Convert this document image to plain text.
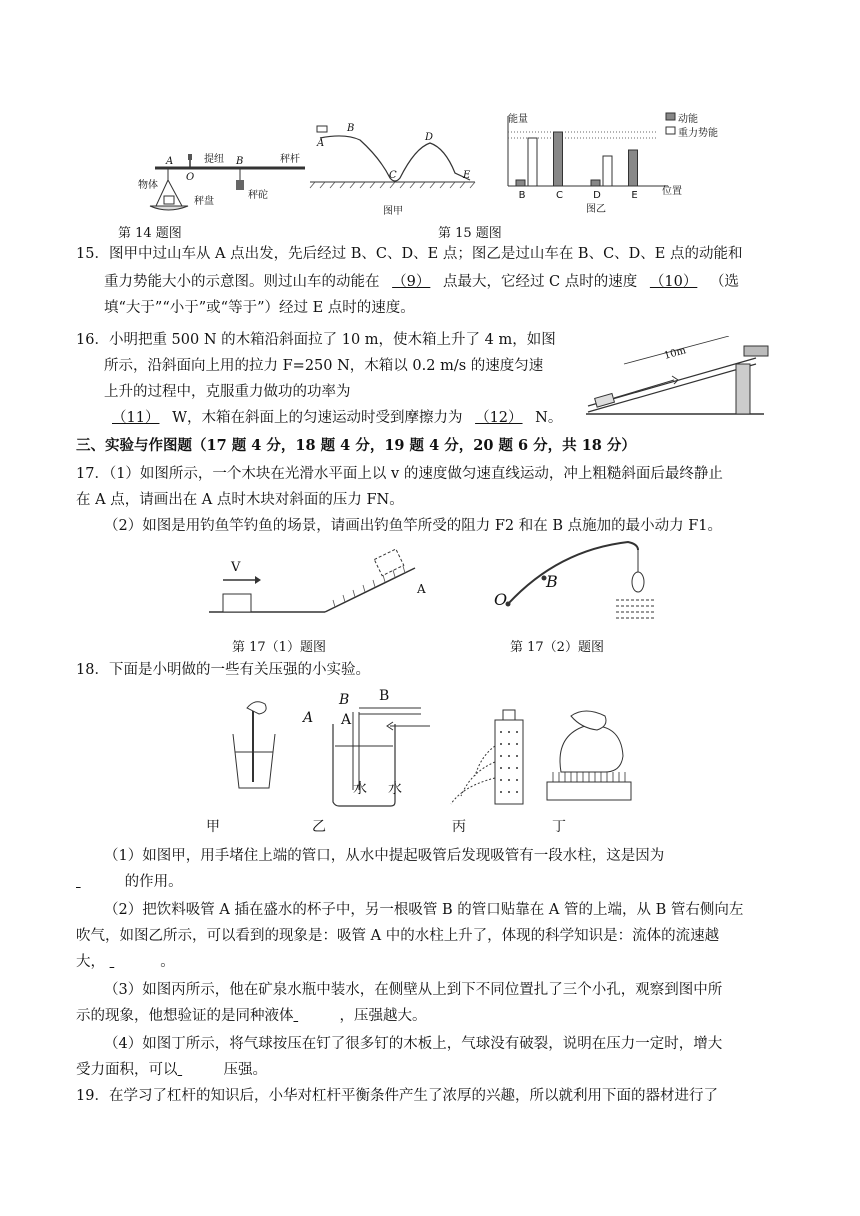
提纽	秤杆
物体
秤盘
秤砣
A
O
B
A
B
C
D
E
图甲
B	C	D	E
能量
位置
动能
重力势能
图乙
第 14 题图	第 15 题图
15．图甲中过山车从 A 点出发，先后经过 B、C、D、E 点；图乙是过山车在 B、C、D、E 点的动能和
重力势能大小的示意图。则过山车的动能在 （9） 点最大，它经过 C 点时的速度 （10） （选
填“大于”“小于”或“等于”）经过 E 点时的速度。
16．小明把重 500 N 的木箱沿斜面拉了 10 m，使木箱上升了 4 m，如图
所示，沿斜面向上用的拉力 F=250 N，木箱以 0.2 m/s 的速度匀速
上升的过程中，克服重力做功的功率为
（11） W，木箱在斜面上的匀速运动时受到摩擦力为 （12） N。
10m
三、实验与作图题（17 题 4 分，18 题 4 分，19 题 4 分，20 题 6 分，共 18 分）
17．（1）如图所示，一个木块在光滑水平面上以 v 的速度做匀速直线运动，冲上粗糙斜面后最终静止
在 A 点，请画出在 A 点时木块对斜面的压力 FN。
（2）如图是用钓鱼竿钓鱼的场景，请画出钓鱼竿所受的阻力 F2 和在 B 点施加的最小动力 F1。
V
A
O
B
第 17（1）题图	第 17（2）题图
18．下面是小明做的一些有关压强的小实验。
A
B
A
B
水 水
甲	乙	丙	丁
（1）如图甲，用手堵住上端的管口，从水中提起吸管后发现吸管有一段水柱，这是因为
的作用。
（2）把饮料吸管 A 插在盛水的杯子中，另一根吸管 B 的管口贴靠在 A 管的上端，从 B 管右侧向左
吹气，如图乙所示，可以看到的现象是：吸管 A 中的水柱上升了，体现的科学知识是：流体的流速越
大，	。
（3）如图丙所示，他在矿泉水瓶中装水，在侧壁从上到下不同位置扎了三个小孔，观察到图中所
示的现象，他想验证的是同种液体	，压强越大。
（4）如图丁所示，将气球按压在钉了很多钉的木板上，气球没有破裂，说明在压力一定时，增大
受力面积，可以	压强。
19．在学习了杠杆的知识后，小华对杠杆平衡条件产生了浓厚的兴趣，所以就利用下面的器材进行了
